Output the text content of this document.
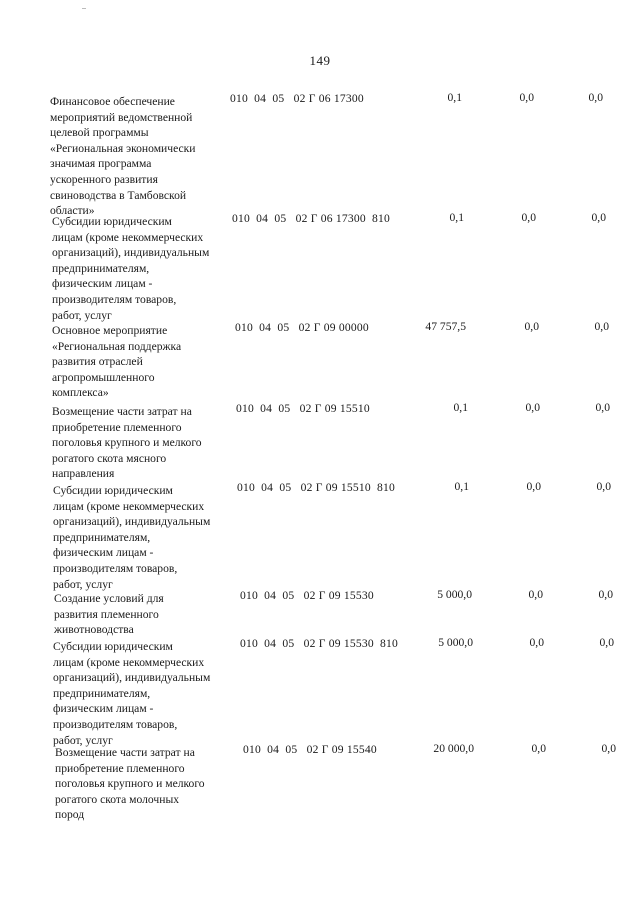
149
Финансовое обеспечение
мероприятий ведомственной
целевой программы
«Региональная экономически
значимая программа
ускоренного развития
свиноводства в Тамбовской
области»
010  04  05   02 Г 06 17300	0,1	0,0	0,0
Субсидии юридическим
лицам (кроме некоммерческих
организаций), индивидуальным
предпринимателям,
физическим лицам -
производителям товаров,
работ, услуг
010  04  05   02 Г 06 17300  810	0,1	0,0	0,0
Основное мероприятие
«Региональная поддержка
развития отраслей
агропромышленного
комплекса»
010  04  05   02 Г 09 00000	47 757,5	0,0	0,0
Возмещение части затрат на
приобретение племенного
поголовья крупного и мелкого
рогатого скота мясного
направления
010  04  05   02 Г 09 15510	0,1	0,0	0,0
Субсидии юридическим
лицам (кроме некоммерческих
организаций), индивидуальным
предпринимателям,
физическим лицам -
производителям товаров,
работ, услуг
010  04  05   02 Г 09 15510  810	0,1	0,0	0,0
Создание условий для
развития племенного
животноводства
010  04  05   02 Г 09 15530	5 000,0	0,0	0,0
Субсидии юридическим
лицам (кроме некоммерческих
организаций), индивидуальным
предпринимателям,
физическим лицам -
производителям товаров,
работ, услуг
010  04  05   02 Г 09 15530  810	5 000,0	0,0	0,0
Возмещение части затрат на
приобретение племенного
поголовья крупного и мелкого
рогатого скота молочных
пород
010  04  05   02 Г 09 15540	20 000,0	0,0	0,0
